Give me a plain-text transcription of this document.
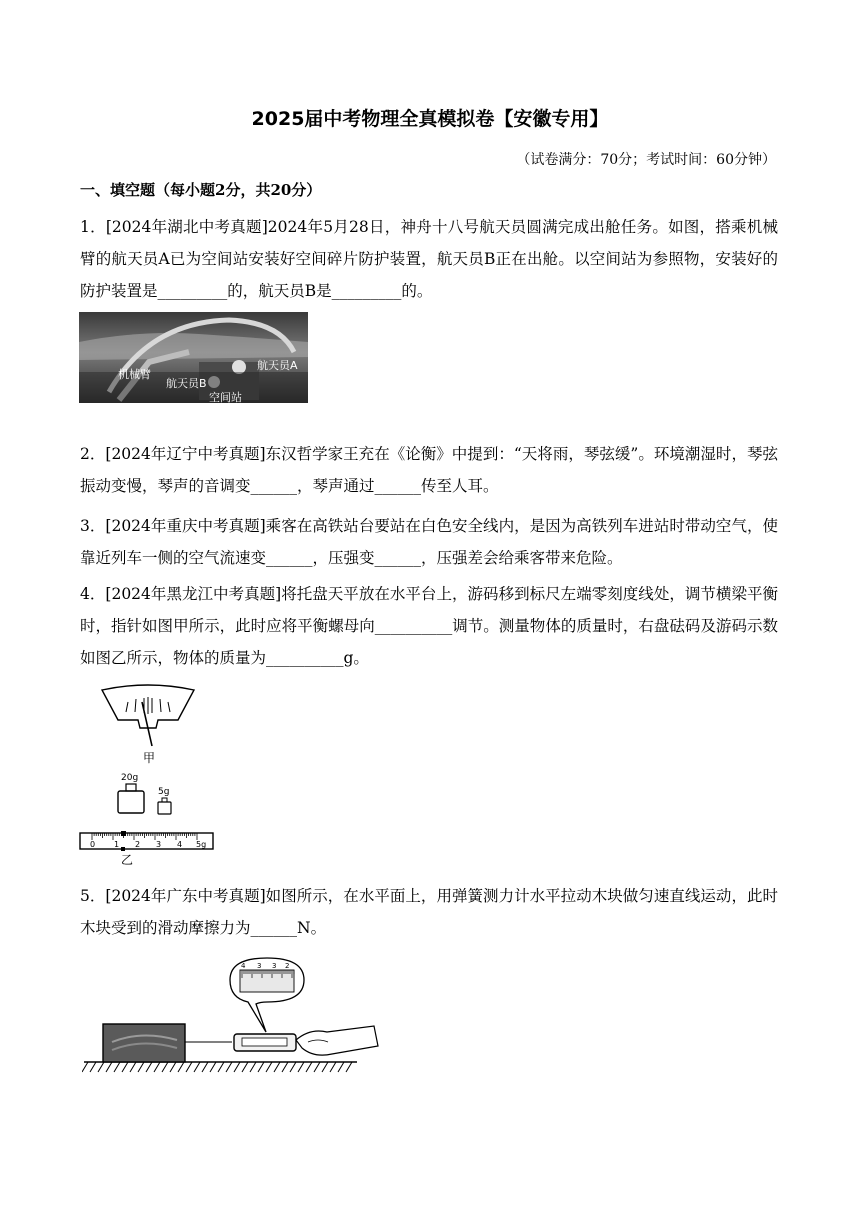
2025届中考物理全真模拟卷【安徽专用】
（试卷满分：70分；考试时间：60分钟）
一、填空题（每小题2分，共20分）
1．[2024年湖北中考真题]2024年5月28日，神舟十八号航天员圆满完成出舱任务。如图，搭乘机械臂的航天员A已为空间站安装好空间碎片防护装置，航天员B正在出舱。以空间站为参照物，安装好的防护装置是_________的，航天员B是_________的。
机械臂
航天员B
航天员A
空间站
2．[2024年辽宁中考真题]东汉哲学家王充在《论衡》中提到：“天将雨，琴弦缓”。环境潮湿时，琴弦振动变慢，琴声的音调变______，琴声通过______传至人耳。
3．[2024年重庆中考真题]乘客在高铁站台要站在白色安全线内，是因为高铁列车进站时带动空气，使靠近列车一侧的空气流速变______，压强变______，压强差会给乘客带来危险。
4．[2024年黑龙江中考真题]将托盘天平放在水平台上，游码移到标尺左端零刻度线处，调节横梁平衡时，指针如图甲所示，此时应将平衡螺母向__________调节。测量物体的质量时，右盘砝码及游码示数如图乙所示，物体的质量为__________g。
甲
20g
5g
0 1 2 3 4 5g
乙
5．[2024年广东中考真题]如图所示，在水平面上，用弹簧测力计水平拉动木块做匀速直线运动，此时木块受到的滑动摩擦力为______N。
4 3 3 2
